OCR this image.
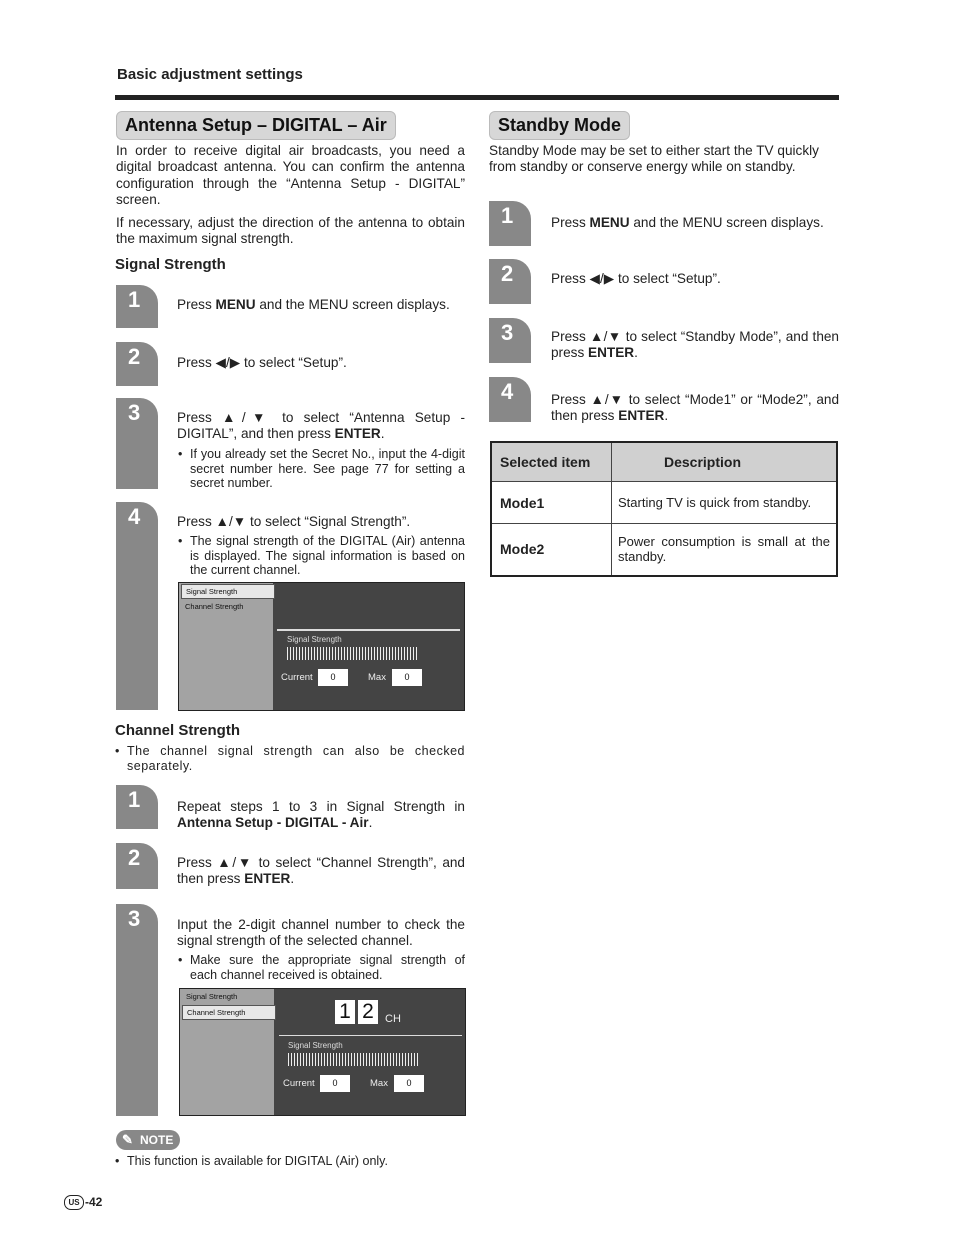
Basic adjustment settings
Antenna Setup – DIGITAL – Air
In order to receive digital air broadcasts, you need a digital broadcast antenna. You can confirm the antenna configuration through the “Antenna Setup - DIGITAL” screen.
If necessary, adjust the direction of the antenna to obtain the maximum signal strength.
Signal Strength
1	Press MENU and the MENU screen displays.
2	Press ◀/▶ to select “Setup”.
3	Press ▲/▼ to select “Antenna Setup - DIGITAL”, and then press ENTER.
• If you already set the Secret No., input the 4-digit secret number here. See page 77 for setting a secret number.
4	Press ▲/▼ to select “Signal Strength”.
• The signal strength of the DIGITAL (Air) antenna is displayed. The signal information is based on the current channel.
Signal Strength
Channel Strength
Signal Strength
Current	0	Max	0
Channel Strength
• The channel signal strength can also be checked separately.
1	Repeat steps 1 to 3 in Signal Strength in Antenna Setup - DIGITAL - Air.
2	Press ▲/▼ to select “Channel Strength”, and then press ENTER.
3	Input the 2-digit channel number to check the signal strength of the selected channel.
• Make sure the appropriate signal strength of each channel received is obtained.
Signal Strength
Channel Strength	1 2	CH
Signal Strength
Current	0	Max	0
✎ NOTE
• This function is available for DIGITAL (Air) only.
Standby Mode
Standby Mode may be set to either start the TV quickly from standby or conserve energy while on standby.
1	Press MENU and the MENU screen displays.
2	Press ◀/▶ to select “Setup”.
3	Press ▲/▼ to select “Standby Mode”, and then press ENTER.
4	Press ▲/▼ to select “Mode1” or “Mode2”, and then press ENTER.
Selected item	Description
Mode1	Starting TV is quick from standby.
Mode2	Power consumption is small at the standby.
US -42
